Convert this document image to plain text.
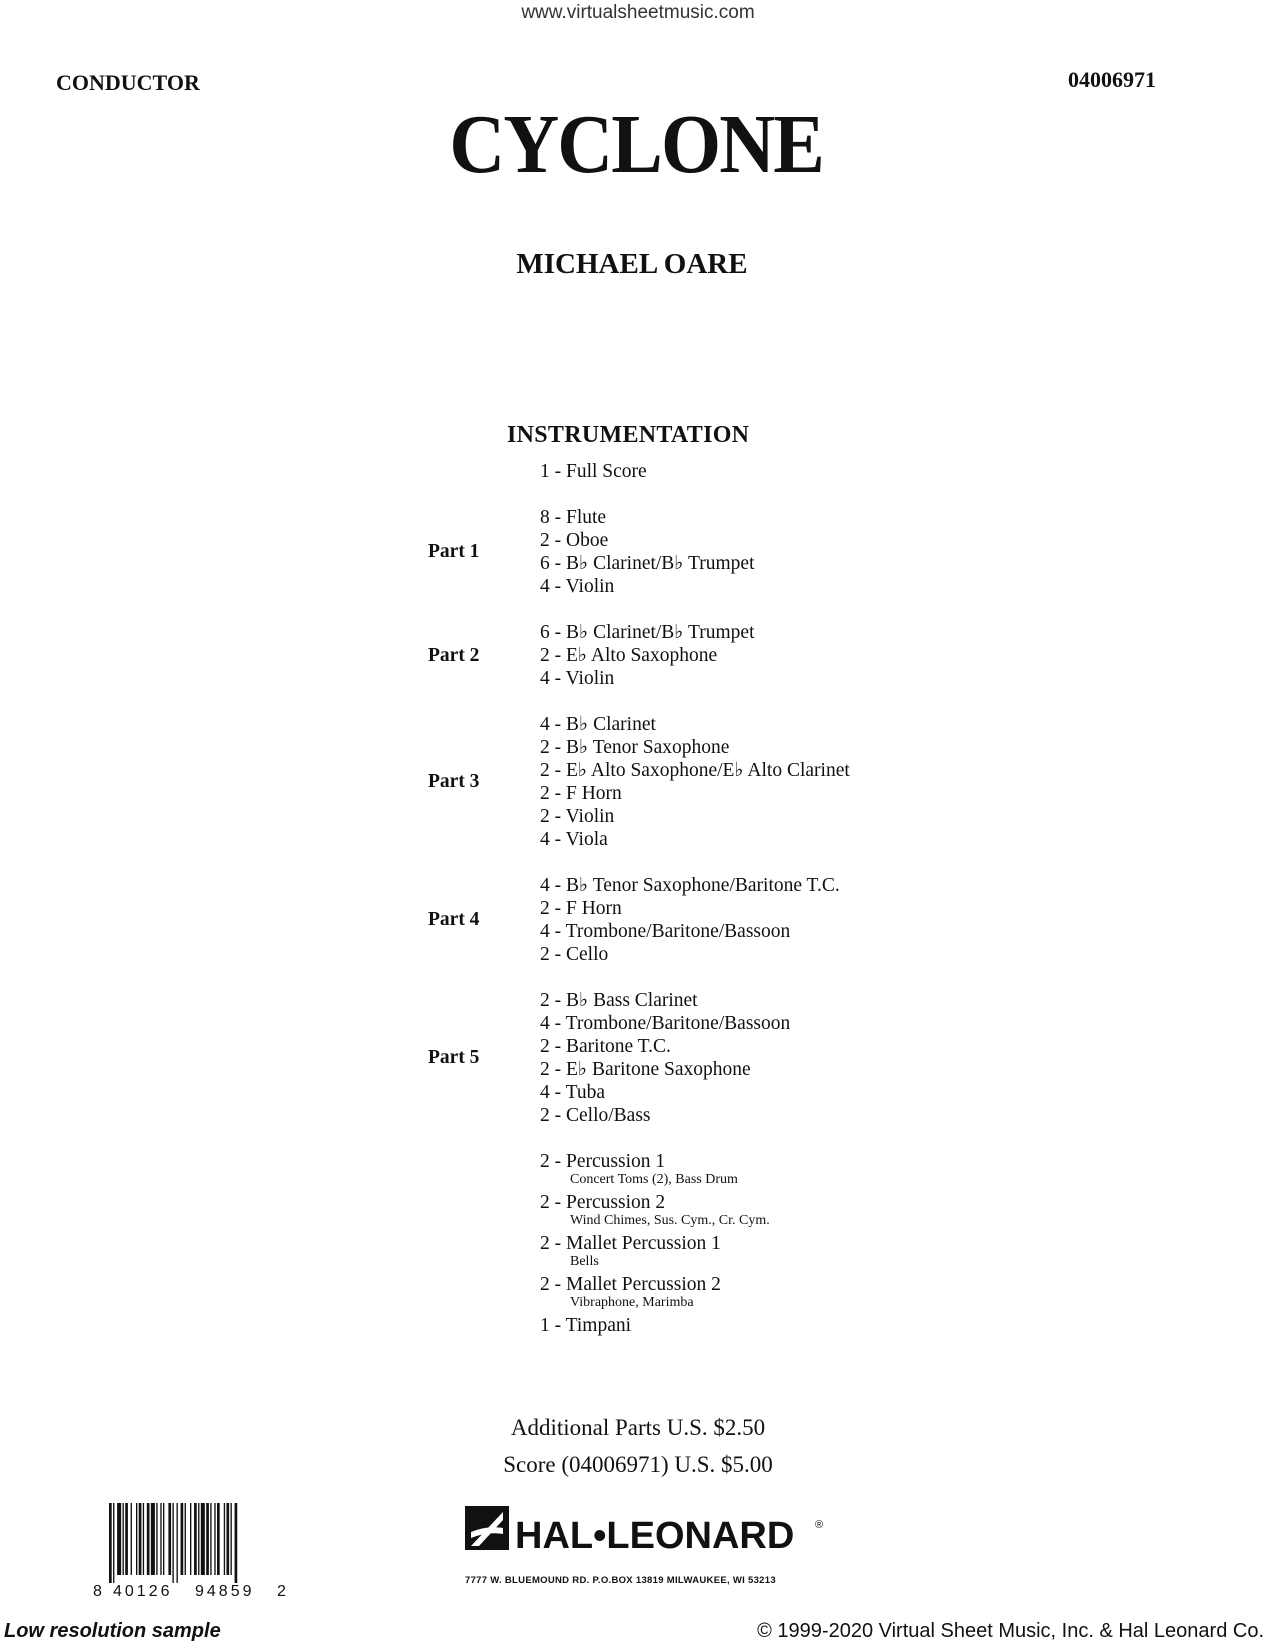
www.virtualsheetmusic.com
CONDUCTOR	04006971
CYCLONE
MICHAEL OARE
INSTRUMENTATION
1 - Full Score
Part 1
8 - Flute
2 - Oboe
6 - B♭ Clarinet/B♭ Trumpet
4 - Violin
Part 2
6 - B♭ Clarinet/B♭ Trumpet
2 - E♭ Alto Saxophone
4 - Violin
Part 3
4 - B♭ Clarinet
2 - B♭ Tenor Saxophone
2 - E♭ Alto Saxophone/E♭ Alto Clarinet
2 - F Horn
2 - Violin
4 - Viola
Part 4
4 - B♭ Tenor Saxophone/Baritone T.C.
2 - F Horn
4 - Trombone/Baritone/Bassoon
2 - Cello
Part 5
2 - B♭ Bass Clarinet
4 - Trombone/Baritone/Bassoon
2 - Baritone T.C.
2 - E♭ Baritone Saxophone
4 - Tuba
2 - Cello/Bass
2 - Percussion 1
Concert Toms (2), Bass Drum
2 - Percussion 2
Wind Chimes, Sus. Cym., Cr. Cym.
2 - Mallet Percussion 1
Bells
2 - Mallet Percussion 2
Vibraphone, Marimba
1 - Timpani
Additional Parts U.S. $2.50
Score (04006971) U.S. $5.00
8 40126 94859 2
HAL•LEONARD ®
7777 W. BLUEMOUND RD. P.O.BOX 13819 MILWAUKEE, WI 53213
Low resolution sample	© 1999-2020 Virtual Sheet Music, Inc. & Hal Leonard Co.
